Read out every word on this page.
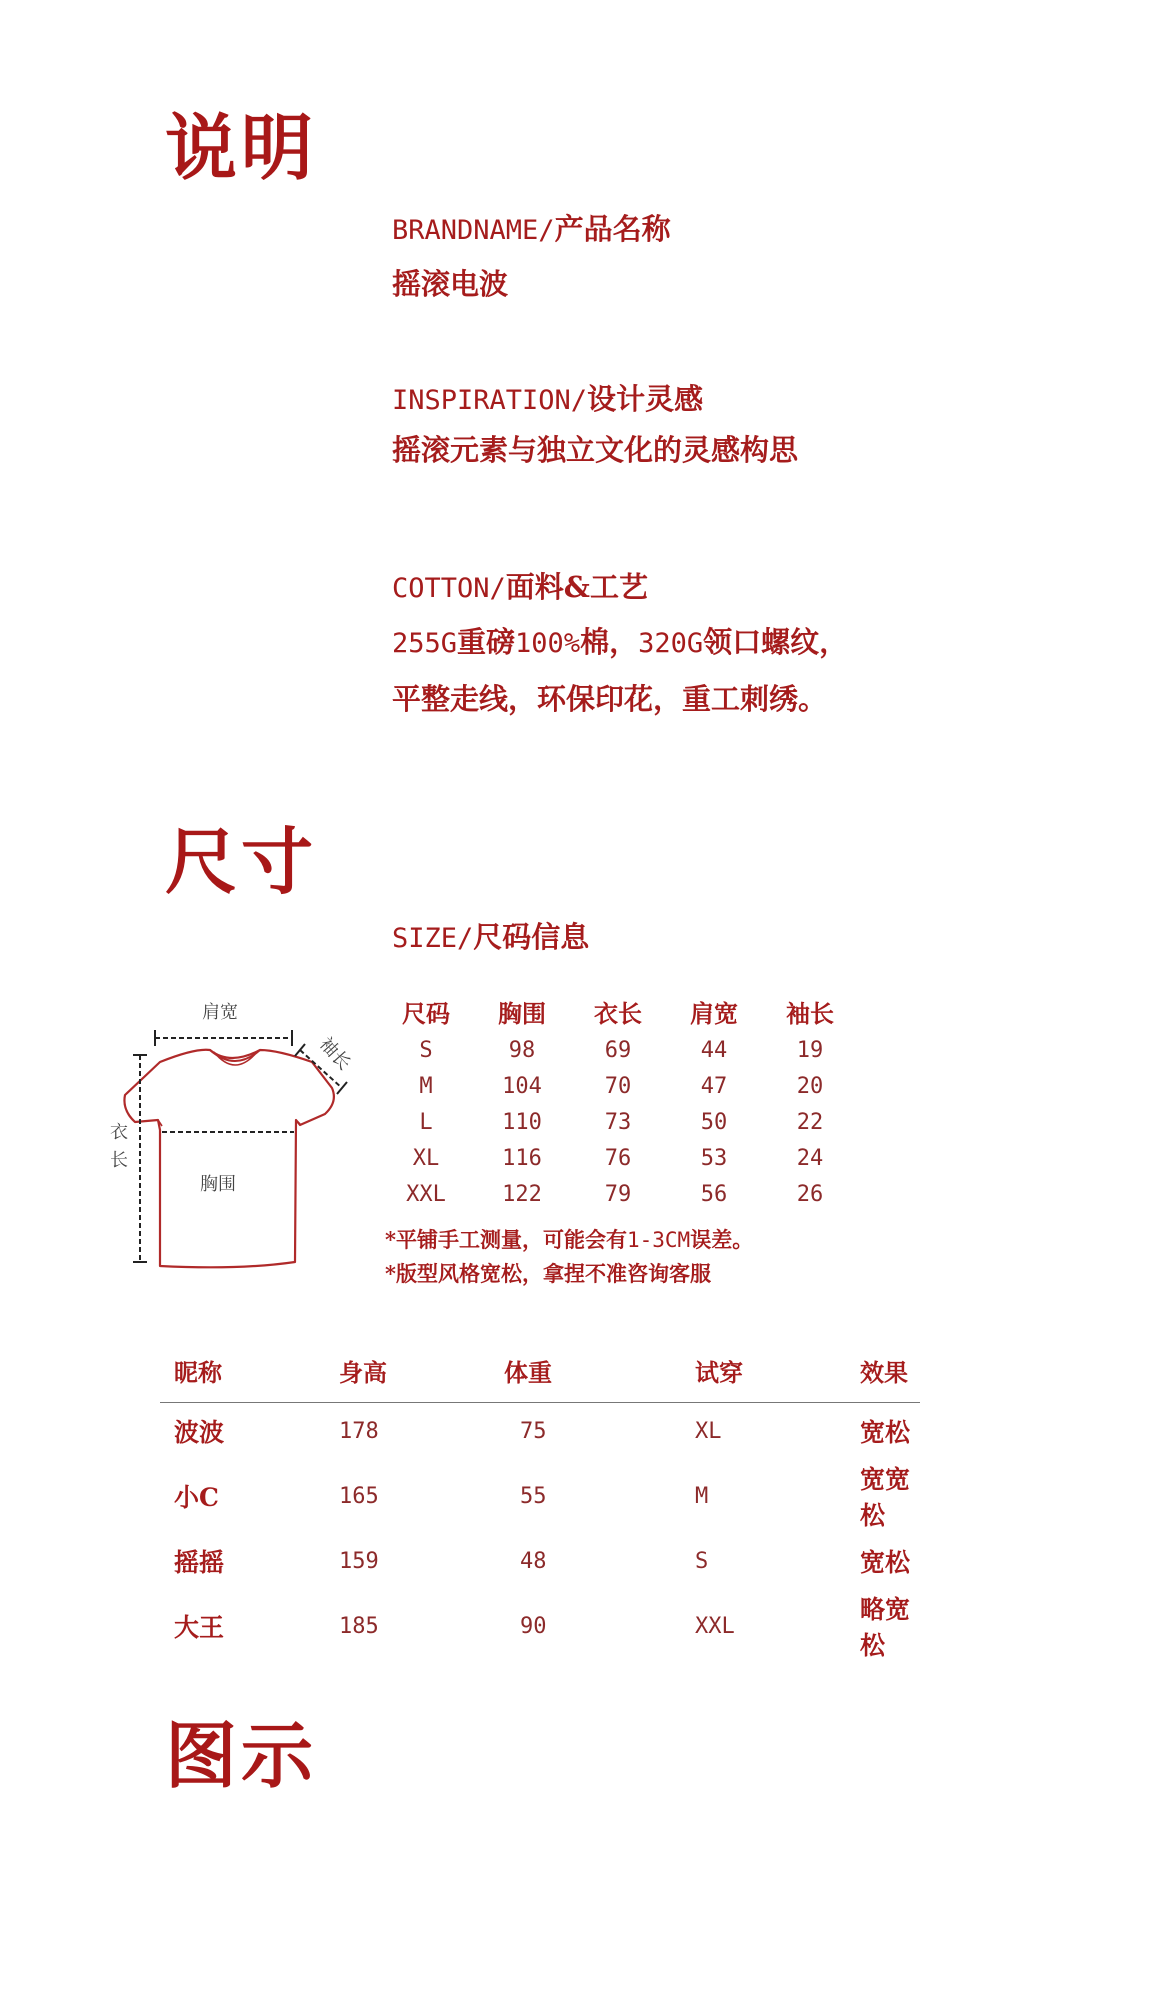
说明
BRANDNAME/产品名称
摇滚电波
INSPIRATION/设计灵感
摇滚元素与独立文化的灵感构思
COTTON/面料&工艺
255G重磅100%棉，320G领口螺纹，
平整走线，环保印花，重工刺绣。
尺寸
SIZE/尺码信息
肩宽
袖长
衣
长
胸围
尺码	胸围	衣长	肩宽	袖长
S	98	69	44	19
M	104	70	47	20
L	110	73	50	22
XL	116	76	53	24
XXL	122	79	56	26
*平铺手工测量，可能会有1-3CM误差。
*版型风格宽松，拿捏不准咨询客服
昵称	身高	体重	试穿	效果
波波	178	75	XL	宽松
小C	165	55	M	宽宽松
摇摇	159	48	S	宽松
大王	185	90	XXL	略宽松
图示
